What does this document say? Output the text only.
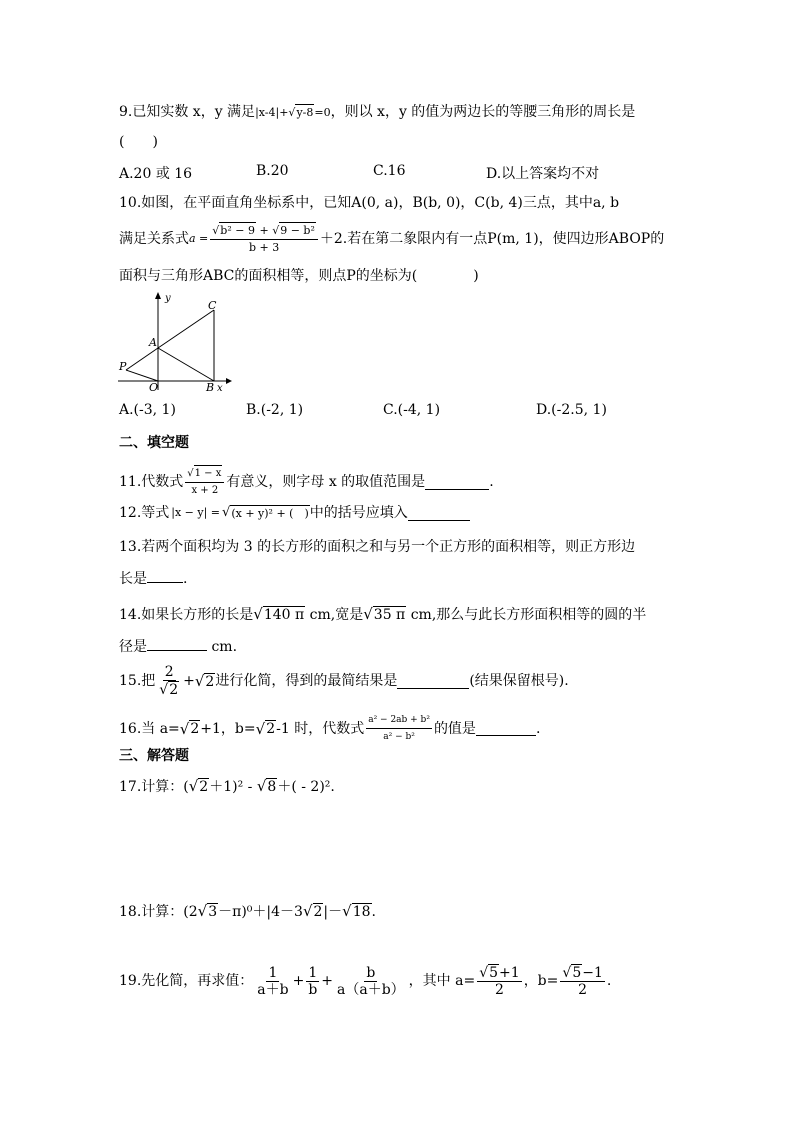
9.已知实数 x，y 满足|x-4|+√y-8=0，则以 x，y 的值为两边长的等腰三角形的周长是
(　　)
A.20 或 16	B.20	C.16	D.以上答案均不对
10.如图，在平面直角坐标系中，已知A(0, a)，B(b, 0)，C(b, 4)三点，其中a, b
满足关系式 $a = \frac{\text{√b² − 9 + √9 − b²}}{b + 3} +2$.若在第二象限内有一点P(m, 1)，使四边形ABOP的
面积与三角形ABC的面积相等，则点P的坐标为(　　　　)
y
C
A
P
O	B x
A.(-3, 1)	B.(-2, 1)	C.(-4, 1)	D.(-2.5, 1)
二、填空题
11.代数式 $\frac{√1 - x}{x + 2}$ 有意义，则字母 x 的取值范围是	.
12.等式 |x − y| = √ (x + y)² + (　) 中的括号应填入
13.若两个面积均为 3 的长方形的面积之和与另一个正方形的面积相等，则正方形边
长是	.
14.如果长方形的长是√140 π cm,宽是√35 π cm,那么与此长方形面积相等的圆的半
径是	cm.
15.把 $\frac{2}{√2}$ + √ 2 进行化简，得到的最简结果是	(结果保留根号).
16.当 a= √ 2 +1，b= √ 2 -1 时，代数式 $\frac{\text{a² − 2ab + b²}}{\text{a² − b²}}$ 的值是	.
三、解答题
17.计算：(√2＋1)² - √8＋( - 2)².
18.计算：(2√3－π)⁰＋|4－3√2|－√18.
19.先化简，再求值： $\frac{1}{a+b} + \frac{1}{b} + \frac{b}{a(a+b)}$ ，其中 $a= \frac{√5+1}{2}$ ，$b= \frac{√5-1}{2}$ .
